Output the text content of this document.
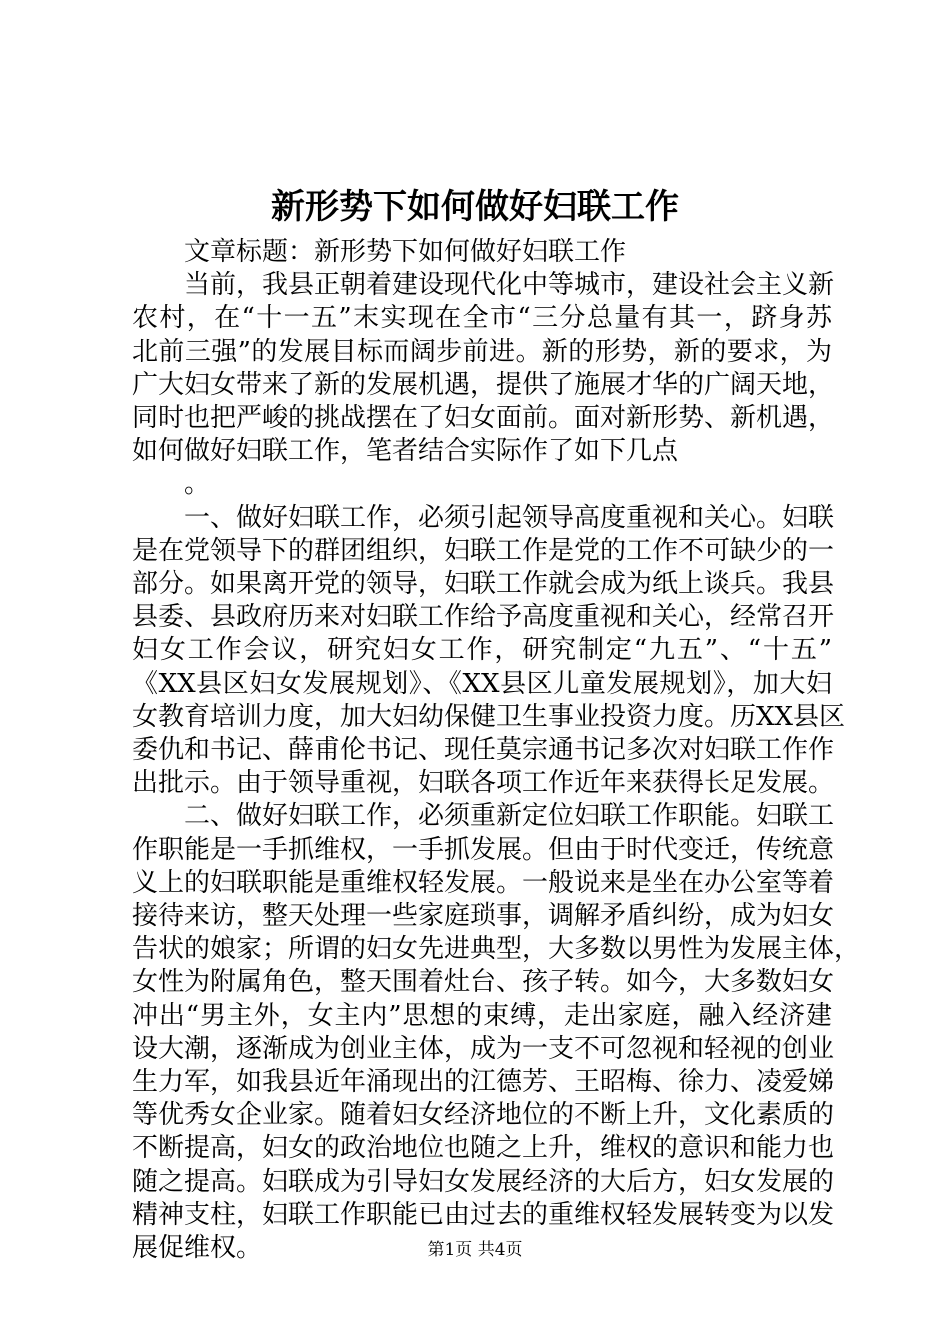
新形势下如何做好妇联工作
　　文章标题：新形势下如何做好妇联工作
　　当前，我县正朝着建设现代化中等城市，建设社会主义新
农村，在“十一五”末实现在全市“三分总量有其一，跻身苏
北前三强”的发展目标而阔步前进。新的形势，新的要求，为
广大妇女带来了新的发展机遇，提供了施展才华的广阔天地，
同时也把严峻的挑战摆在了妇女面前。面对新形势、新机遇，
如何做好妇联工作，笔者结合实际作了如下几点
　　。
　　一、做好妇联工作，必须引起领导高度重视和关心。妇联
是在党领导下的群团组织，妇联工作是党的工作不可缺少的一
部分。如果离开党的领导，妇联工作就会成为纸上谈兵。我县
县委、县政府历来对妇联工作给予高度重视和关心，经常召开
妇女工作会议，研究妇女工作，研究制定“九五”、“十五”
《XX县区妇女发展规划》、《XX县区儿童发展规划》，加大妇
女教育培训力度，加大妇幼保健卫生事业投资力度。历XX县区
委仇和书记、薛甫伦书记、现任莫宗通书记多次对妇联工作作
出批示。由于领导重视，妇联各项工作近年来获得长足发展。
　　二、做好妇联工作，必须重新定位妇联工作职能。妇联工
作职能是一手抓维权，一手抓发展。但由于时代变迁，传统意
义上的妇联职能是重维权轻发展。一般说来是坐在办公室等着
接待来访，整天处理一些家庭琐事，调解矛盾纠纷，成为妇女
告状的娘家；所谓的妇女先进典型，大多数以男性为发展主体，
女性为附属角色，整天围着灶台、孩子转。如今，大多数妇女
冲出“男主外，女主内”思想的束缚，走出家庭，融入经济建
设大潮，逐渐成为创业主体，成为一支不可忽视和轻视的创业
生力军，如我县近年涌现出的江德芳、王昭梅、徐力、凌爱娣
等优秀女企业家。随着妇女经济地位的不断上升，文化素质的
不断提高，妇女的政治地位也随之上升，维权的意识和能力也
随之提高。妇联成为引导妇女发展经济的大后方，妇女发展的
精神支柱，妇联工作职能已由过去的重维权轻发展转变为以发
展促维权。	第1页 共4页
